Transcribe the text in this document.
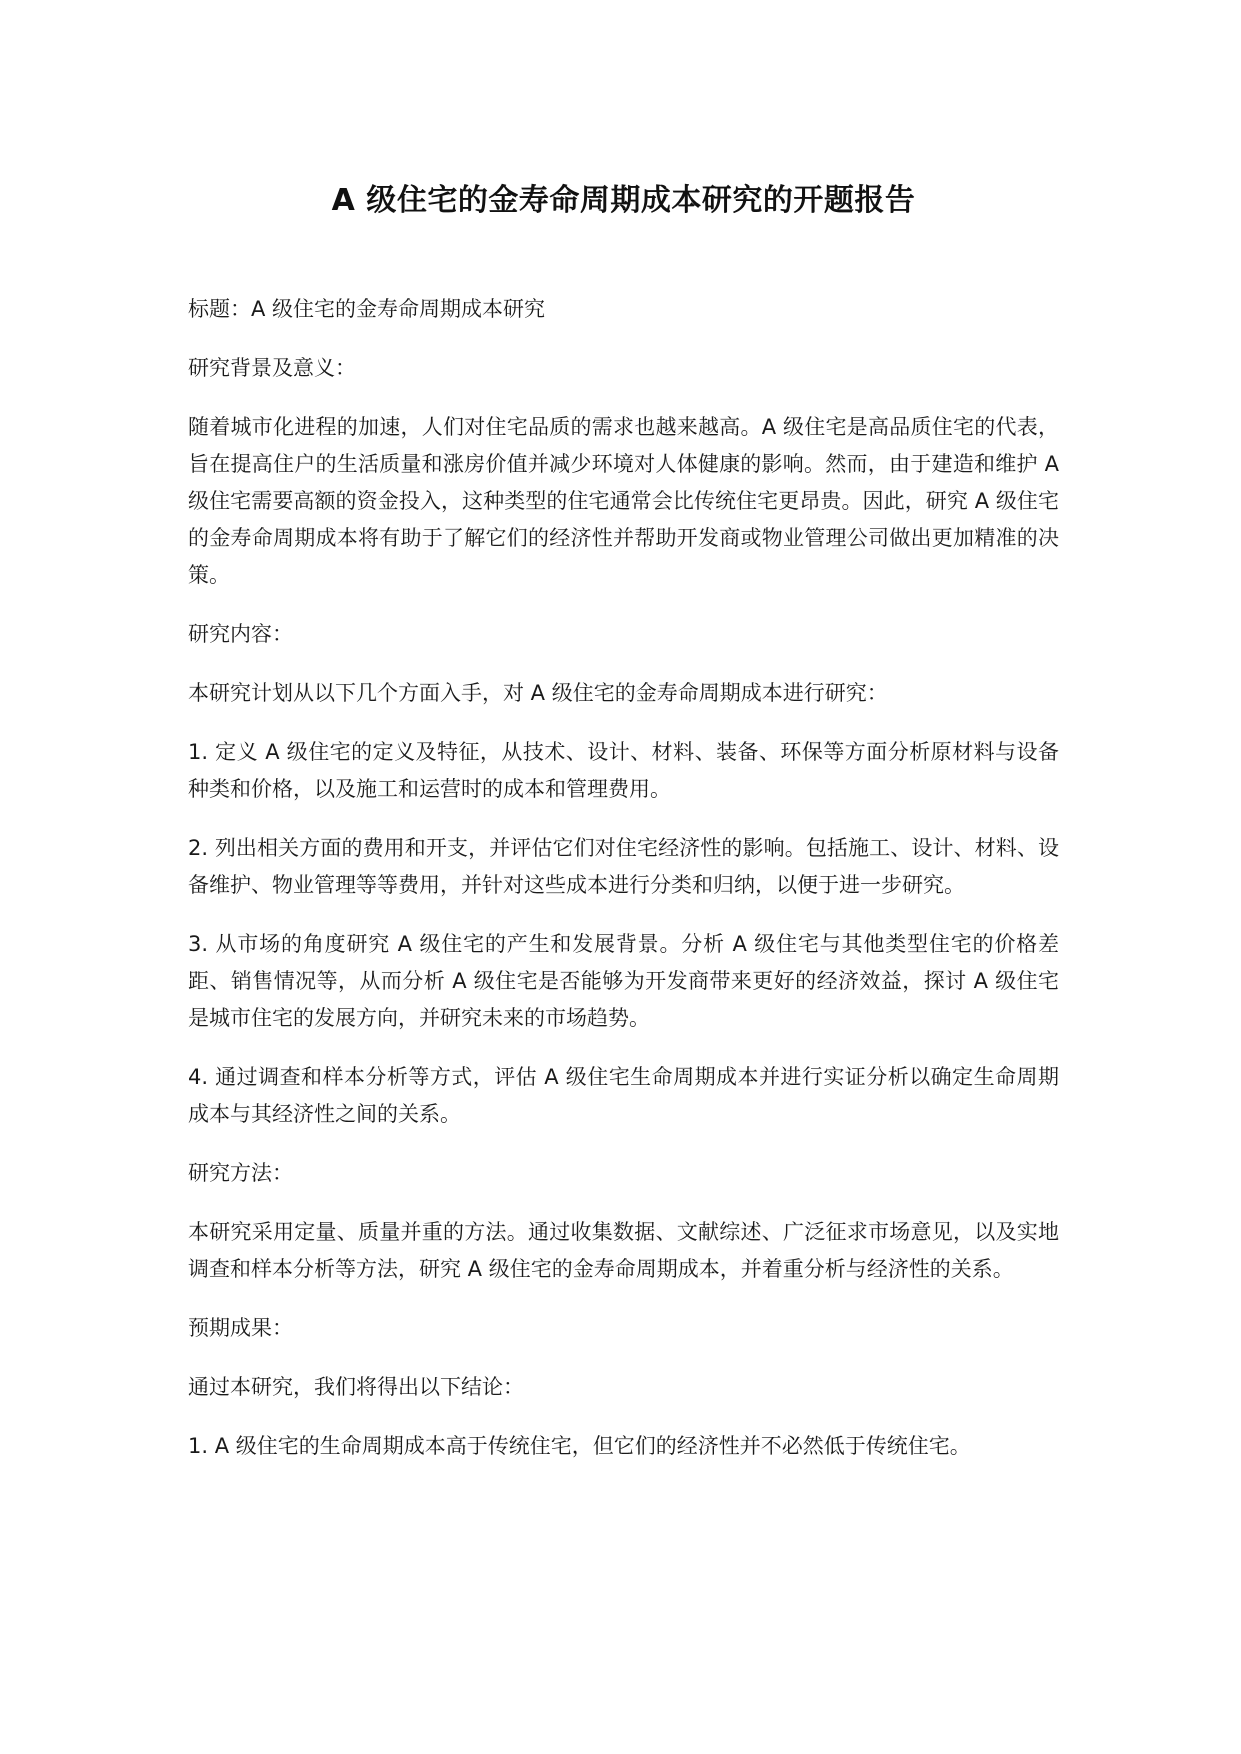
A 级住宅的金寿命周期成本研究的开题报告

标题：A 级住宅的金寿命周期成本研究

研究背景及意义：

随着城市化进程的加速，人们对住宅品质的需求也越来越高。A 级住宅是高品质住宅的代表，旨在提高住户的生活质量和涨房价值并减少环境对人体健康的影响。然而，由于建造和维护 A 级住宅需要高额的资金投入，这种类型的住宅通常会比传统住宅更昂贵。因此，研究 A 级住宅的金寿命周期成本将有助于了解它们的经济性并帮助开发商或物业管理公司做出更加精准的决策。

研究内容：

本研究计划从以下几个方面入手，对 A 级住宅的金寿命周期成本进行研究：

1. 定义 A 级住宅的定义及特征，从技术、设计、材料、装备、环保等方面分析原材料与设备种类和价格，以及施工和运营时的成本和管理费用。

2. 列出相关方面的费用和开支，并评估它们对住宅经济性的影响。包括施工、设计、材料、设备维护、物业管理等等费用，并针对这些成本进行分类和归纳，以便于进一步研究。

3. 从市场的角度研究 A 级住宅的产生和发展背景。分析 A 级住宅与其他类型住宅的价格差距、销售情况等，从而分析 A 级住宅是否能够为开发商带来更好的经济效益，探讨 A 级住宅是城市住宅的发展方向，并研究未来的市场趋势。

4. 通过调查和样本分析等方式，评估 A 级住宅生命周期成本并进行实证分析以确定生命周期成本与其经济性之间的关系。

研究方法：

本研究采用定量、质量并重的方法。通过收集数据、文献综述、广泛征求市场意见，以及实地调查和样本分析等方法，研究 A 级住宅的金寿命周期成本，并着重分析与经济性的关系。

预期成果：

通过本研究，我们将得出以下结论：

1. A 级住宅的生命周期成本高于传统住宅，但它们的经济性并不必然低于传统住宅。
